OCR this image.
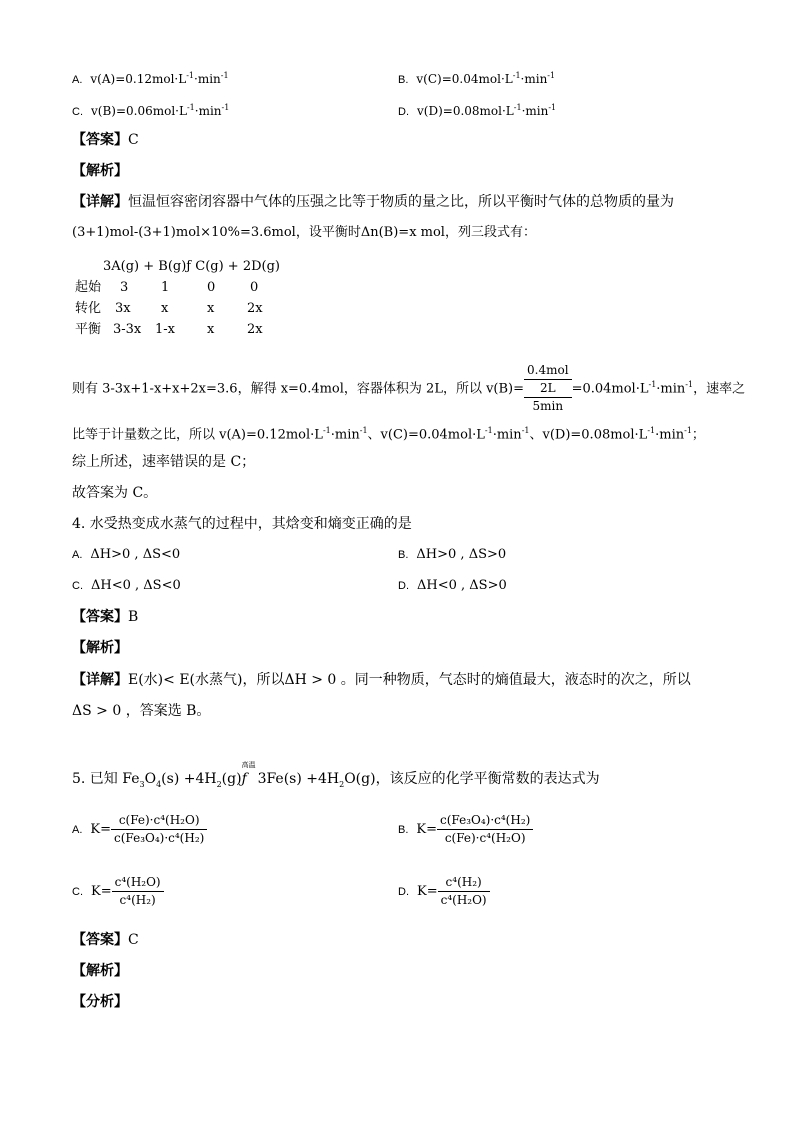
A. $v(A)=0.12mol\cdot L^{-1}\cdot\min^{-1}$	B. $v(C)=0.04mol\cdot L^{-1}\cdot\min^{-1}$
C. $v(B)=0.06mol\cdot L^{-1}\cdot\min^{-1}$	D. $v(D)=0.08mol\cdot L^{-1}\cdot\min^{-1}$
【答案】C
【解析】
【详解】恒温恒容密闭容器中气体的压强之比等于物质的量之比，所以平衡时气体的总物质的量为
(3+1)mol-(3+1)mol×10%=3.6mol，设平衡时Δn(B)=x mol，列三段式有：
3A(g) + B(g)ƒ C(g) + 2D(g)
起始 3	1	0	0
转化 3x x	x	2x
平衡 3-3x 1-x x	2x
则有 3-3x+1-x+x+2x=3.6，解得 x=0.4mol，容器体积为 2L，所以 v(B)=
0.4mol
2L
5min
$=0.04mol\cdot L^{-1}\cdot\min^{-1}$，速率之
比等于计量数之比，所以 $v(A)=0.12mol\cdot L^{-1}\cdot\min^{-1}$、$v(C)=0.04mol\cdot L^{-1}\cdot\min^{-1}$、$v(D)=0.08mol\cdot L^{-1}\cdot\min^{-1}$；
综上所述，速率错误的是 C；
故答案为 C。
4. 水受热变成水蒸气的过程中，其焓变和熵变正确的是
A. ΔH>0 , ΔS<0	B. ΔH>0 , ΔS>0
C. ΔH<0 , ΔS<0	D. ΔH<0 , ΔS>0
【答案】B
【解析】
【详解】E(水)< E(水蒸气)，所以ΔH > 0 。同一种物质，气态时的熵值最大，液态时的次之，所以
ΔS > 0 ，答案选 B。
5. 已知 $Fe_3O_4(s) +4H_2(g)$
高温
ƒ $3Fe(s) +4H_2O(g)$，该反应的化学平衡常数的表达式为
A. $K= \frac{\text{c(Fe)·c⁴(H₂O)}}{\text{c(Fe₃O₄)·c⁴(H₂)}}$	B. $K= \frac{\text{c(Fe₃O₄)·c⁴(H₂)}}{\text{c(Fe)·c⁴(H₂O)}}$
C. $K= \frac{\text{c⁴(H₂O)}}{\text{c⁴(H₂)}}$	D. $K= \frac{\text{c⁴(H₂)}}{\text{c⁴(H₂O)}}$
【答案】C
【解析】
【分析】
